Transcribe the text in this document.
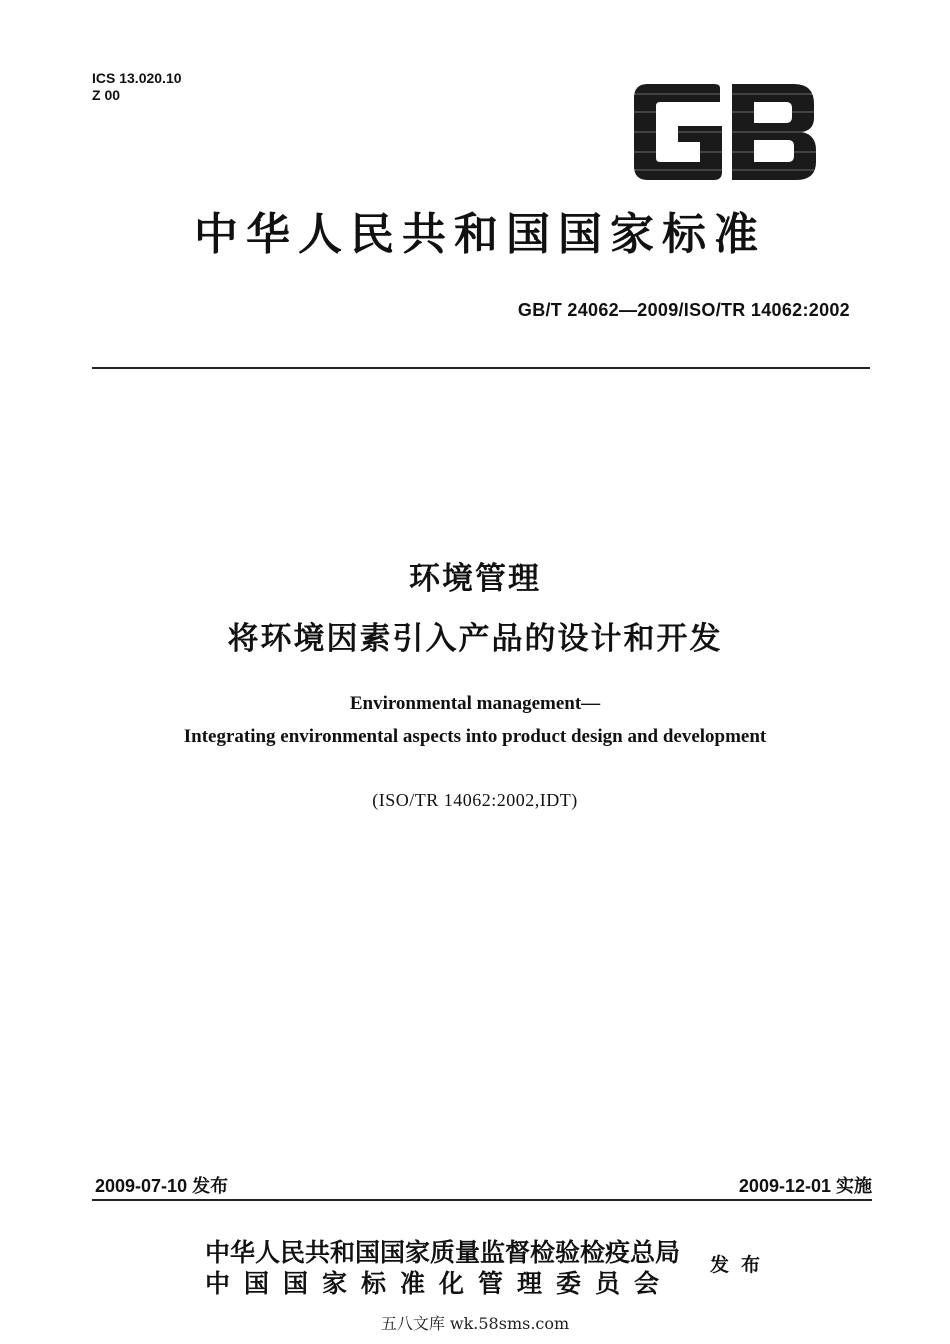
ICS 13.020.10
Z 00
中华人民共和国国家标准
GB/T 24062—2009/ISO/TR 14062:2002
环境管理
将环境因素引入产品的设计和开发
Environmental management—
Integrating environmental aspects into product design and development
(ISO/TR 14062:2002,IDT)
2009-07-10 发布	2009-12-01 实施
中华人民共和国国家质量监督检验检疫总局
中国国家标准化管理委员会
发布
五八文库 wk.58sms.com
